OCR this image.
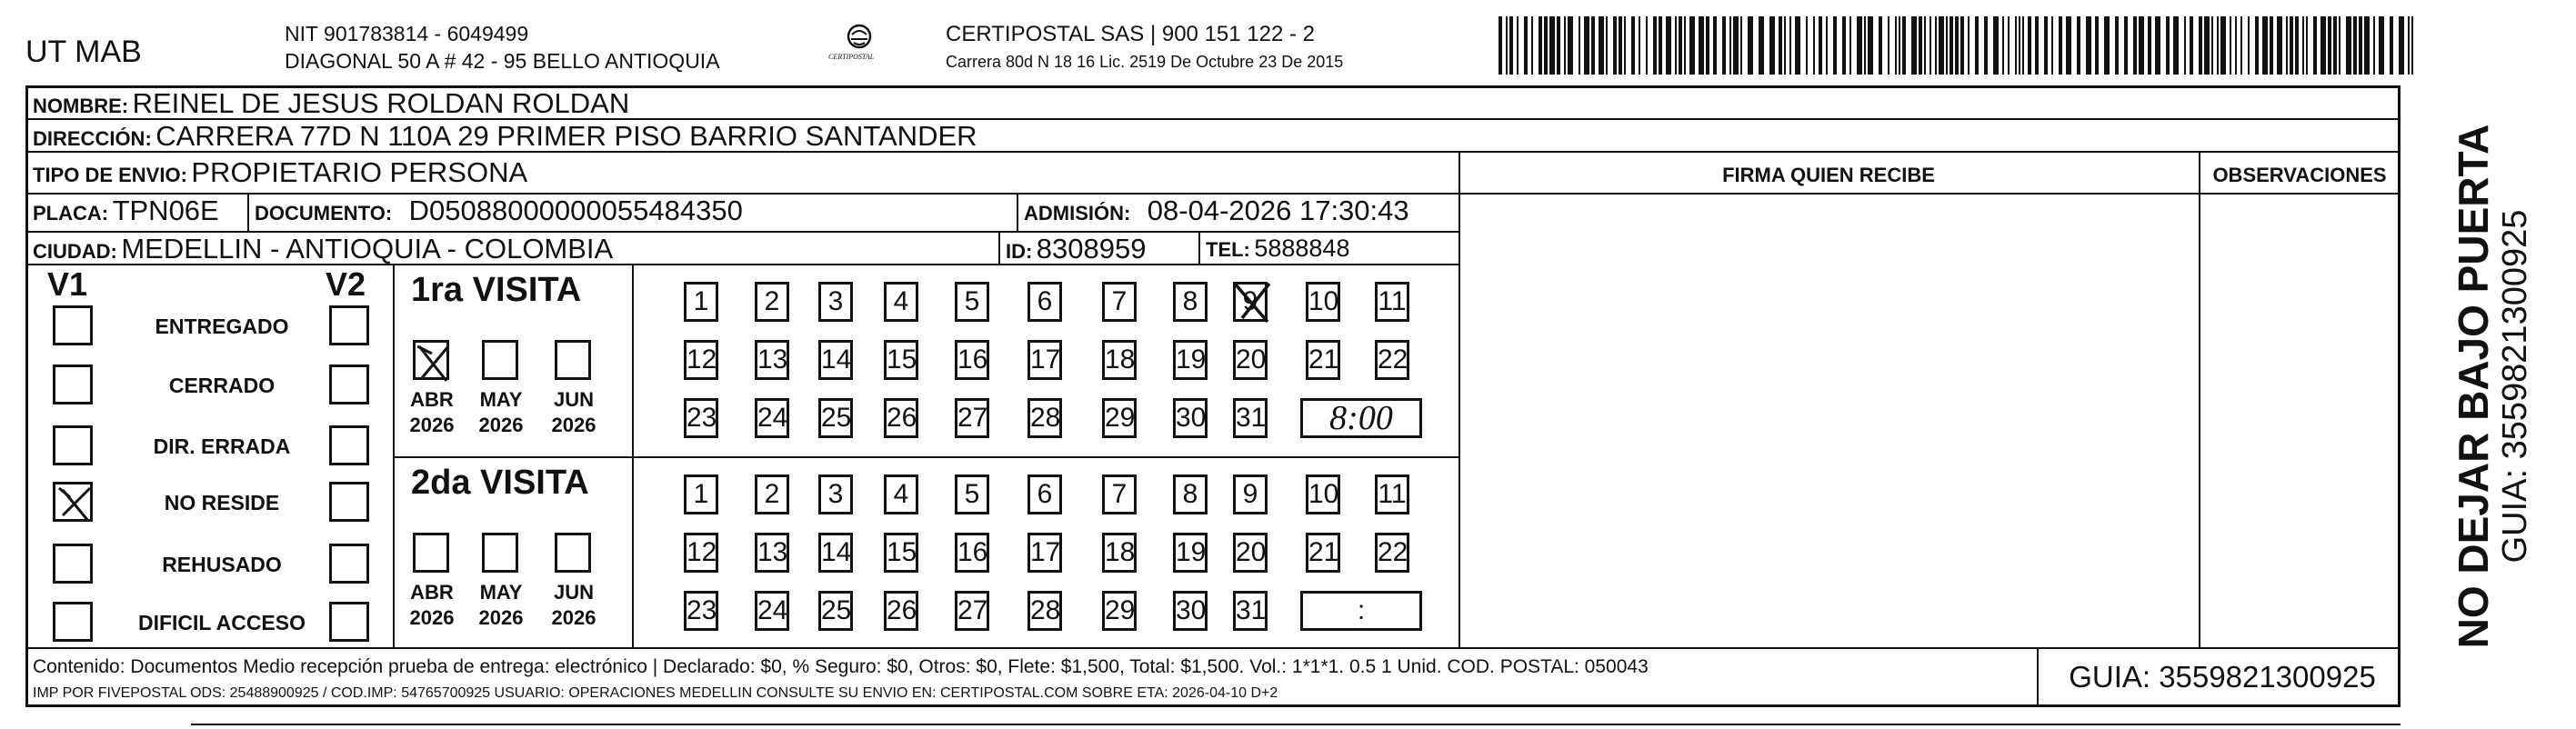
UT MAB
NIT 901783814 - 6049499
DIAGONAL 50 A # 42 - 95 BELLO ANTIOQUIA	CERTIPOSTAL
CERTIPOSTAL SAS | 900 151 122 - 2
Carrera 80d N 18 16 Lic. 2519 De Octubre 23 De 2015
NOMBRE: REINEL DE JESUS ROLDAN ROLDAN
DIRECCIÓN: CARRERA 77D N 110A 29 PRIMER PISO BARRIO SANTANDER
TIPO DE ENVIO: PROPIETARIO PERSONA	FIRMA QUIEN RECIBE	OBSERVACIONES
PLACA: TPN06E DOCUMENTO: D05088000000055484350	ADMISIÓN: 08-04-2026 17:30:43
CIUDAD: MEDELLIN - ANTIOQUIA - COLOMBIA	ID: 8308959	TEL: 5888848
V1	V2
ENTREGADO
CERRADO
DIR. ERRADA
NO RESIDE
REHUSADO
DIFICIL ACCESO
1ra VISITA
ABR
2026
MAY
2026
JUN
2026
1	2	3	4	5	6	7	8	9	10 11
12 13 14 15 16 17 18 19 20 21 22
23 24 25 26 27 28 29 30 31	8:00
2da VISITA
ABR
2026
MAY
2026
JUN
2026
1	2	3	4	5	6	7	8	9	10 11
12 13 14 15 16 17 18 19 20 21 22
23 24 25 26 27 28 29 30 31	:
Contenido: Documentos Medio recepción prueba de entrega: electrónico | Declarado: $0, % Seguro: $0, Otros: $0, Flete: $1,500, Total: $1,500. Vol.: 1*1*1. 0.5 1 Unid. COD. POSTAL: 050043
IMP POR FIVEPOSTAL ODS: 25488900925 / COD.IMP: 54765700925 USUARIO: OPERACIONES MEDELLIN CONSULTE SU ENVIO EN: CERTIPOSTAL.COM SOBRE ETA: 2026-04-10 D+2	GUIA: 3559821300925
NO DEJAR BAJO PUERTA GUIA: 3559821300925
